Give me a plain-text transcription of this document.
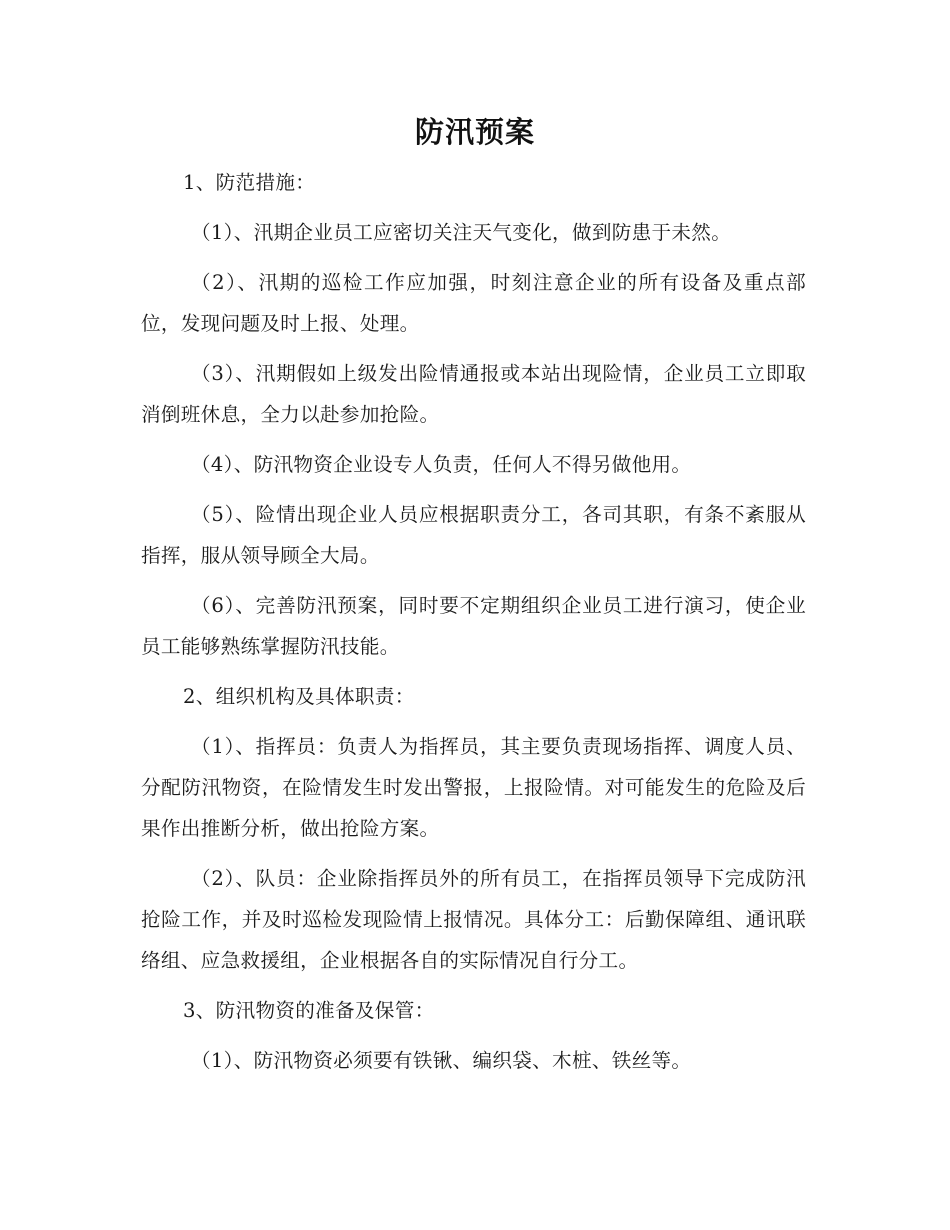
防汛预案

1、防范措施：

（1）、汛期企业员工应密切关注天气变化，做到防患于未然。

（2）、汛期的巡检工作应加强，时刻注意企业的所有设备及重点部位，发现问题及时上报、处理。

（3）、汛期假如上级发出险情通报或本站出现险情，企业员工立即取消倒班休息，全力以赴参加抢险。

（4）、防汛物资企业设专人负责，任何人不得另做他用。

（5）、险情出现企业人员应根据职责分工，各司其职，有条不紊服从指挥，服从领导顾全大局。

（6）、完善防汛预案，同时要不定期组织企业员工进行演习，使企业员工能够熟练掌握防汛技能。

2、组织机构及具体职责：

（1）、指挥员：负责人为指挥员，其主要负责现场指挥、调度人员、分配防汛物资，在险情发生时发出警报，上报险情。对可能发生的危险及后果作出推断分析，做出抢险方案。

（2）、队员：企业除指挥员外的所有员工，在指挥员领导下完成防汛抢险工作，并及时巡检发现险情上报情况。具体分工：后勤保障组、通讯联络组、应急救援组，企业根据各自的实际情况自行分工。

3、防汛物资的准备及保管：

（1）、防汛物资必须要有铁锹、编织袋、木桩、铁丝等。
